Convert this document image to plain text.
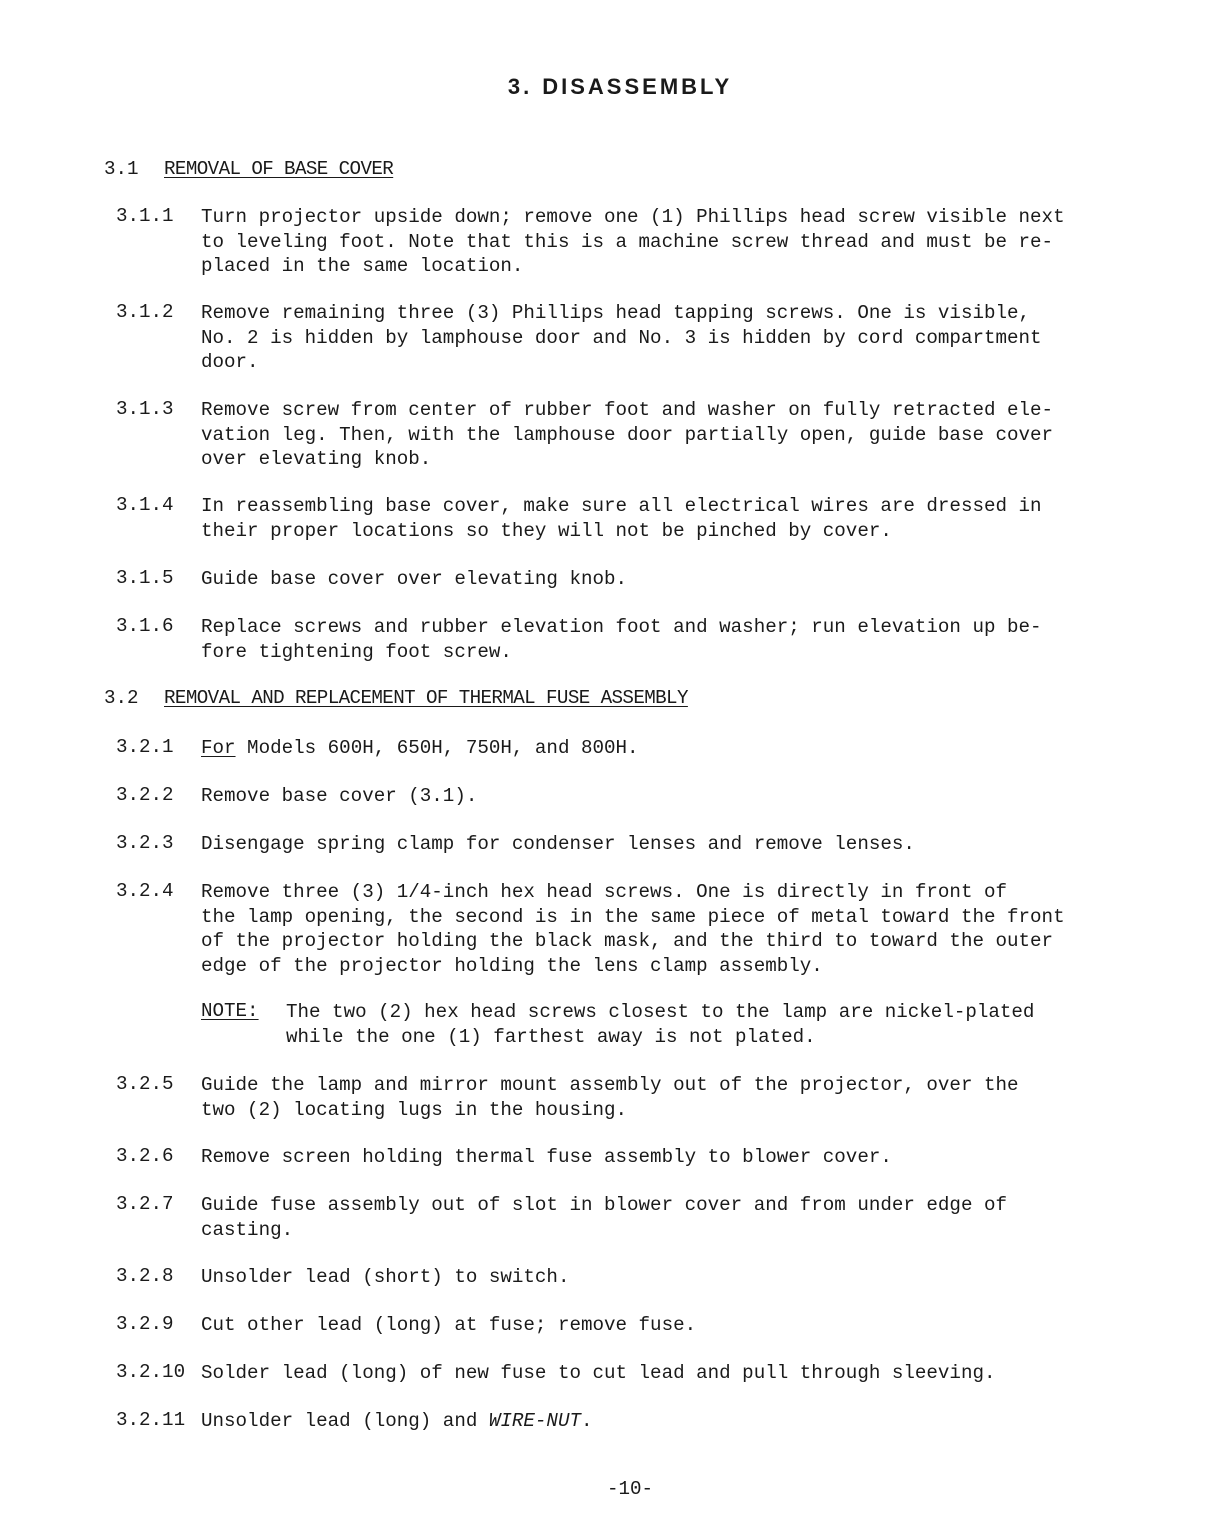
3. DISASSEMBLY
3.1 REMOVAL OF BASE COVER
3.1.1 Turn projector upside down; remove one (1) Phillips head screw visible next
to leveling foot. Note that this is a machine screw thread and must be re-
placed in the same location.
3.1.2 Remove remaining three (3) Phillips head tapping screws. One is visible,
No. 2 is hidden by lamphouse door and No. 3 is hidden by cord compartment
door.
3.1.3 Remove screw from center of rubber foot and washer on fully retracted ele-
vation leg. Then, with the lamphouse door partially open, guide base cover
over elevating knob.
3.1.4 In reassembling base cover, make sure all electrical wires are dressed in
their proper locations so they will not be pinched by cover.
3.1.5 Guide base cover over elevating knob.
3.1.6 Replace screws and rubber elevation foot and washer; run elevation up be-
fore tightening foot screw.
3.2 REMOVAL AND REPLACEMENT OF THERMAL FUSE ASSEMBLY
3.2.1 For Models 600H, 650H, 750H, and 800H.
3.2.2 Remove base cover (3.1).
3.2.3 Disengage spring clamp for condenser lenses and remove lenses.
3.2.4 Remove three (3) 1/4-inch hex head screws. One is directly in front of
the lamp opening, the second is in the same piece of metal toward the front
of the projector holding the black mask, and the third to toward the outer
edge of the projector holding the lens clamp assembly.
NOTE: The two (2) hex head screws closest to the lamp are nickel-plated
while the one (1) farthest away is not plated.
3.2.5 Guide the lamp and mirror mount assembly out of the projector, over the
two (2) locating lugs in the housing.
3.2.6 Remove screen holding thermal fuse assembly to blower cover.
3.2.7 Guide fuse assembly out of slot in blower cover and from under edge of
casting.
3.2.8 Unsolder lead (short) to switch.
3.2.9 Cut other lead (long) at fuse; remove fuse.
3.2.10 Solder lead (long) of new fuse to cut lead and pull through sleeving.
3.2.11 Unsolder lead (long) and WIRE-NUT.
-10-
